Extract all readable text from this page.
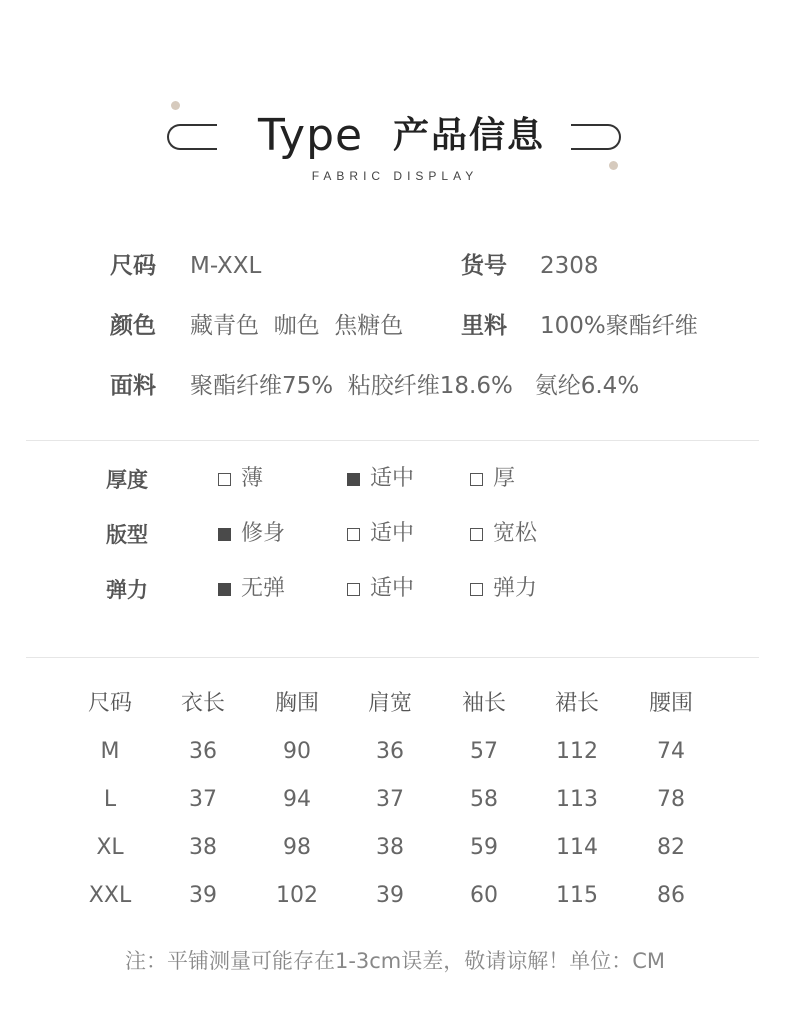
Type 产品信息
FABRIC DISPLAY
尺码 M-XXL	货号 2308
颜色 藏青色  咖色  焦糖色	里料 100%聚酯纤维
面料 聚酯纤维75%  粘胶纤维18.6%   氨纶6.4%
厚度	薄	适中	厚
版型	修身	适中	宽松
弹力	无弹	适中	弹力
尺码	衣长	胸围	肩宽	袖长	裙长	腰围
M	36	90	36	57	112	74
L	37	94	37	58	113	78
XL	38	98	38	59	114	82
XXL	39	102	39	60	115	86
注：平铺测量可能存在1-3cm误差，敬请谅解！单位：CM
